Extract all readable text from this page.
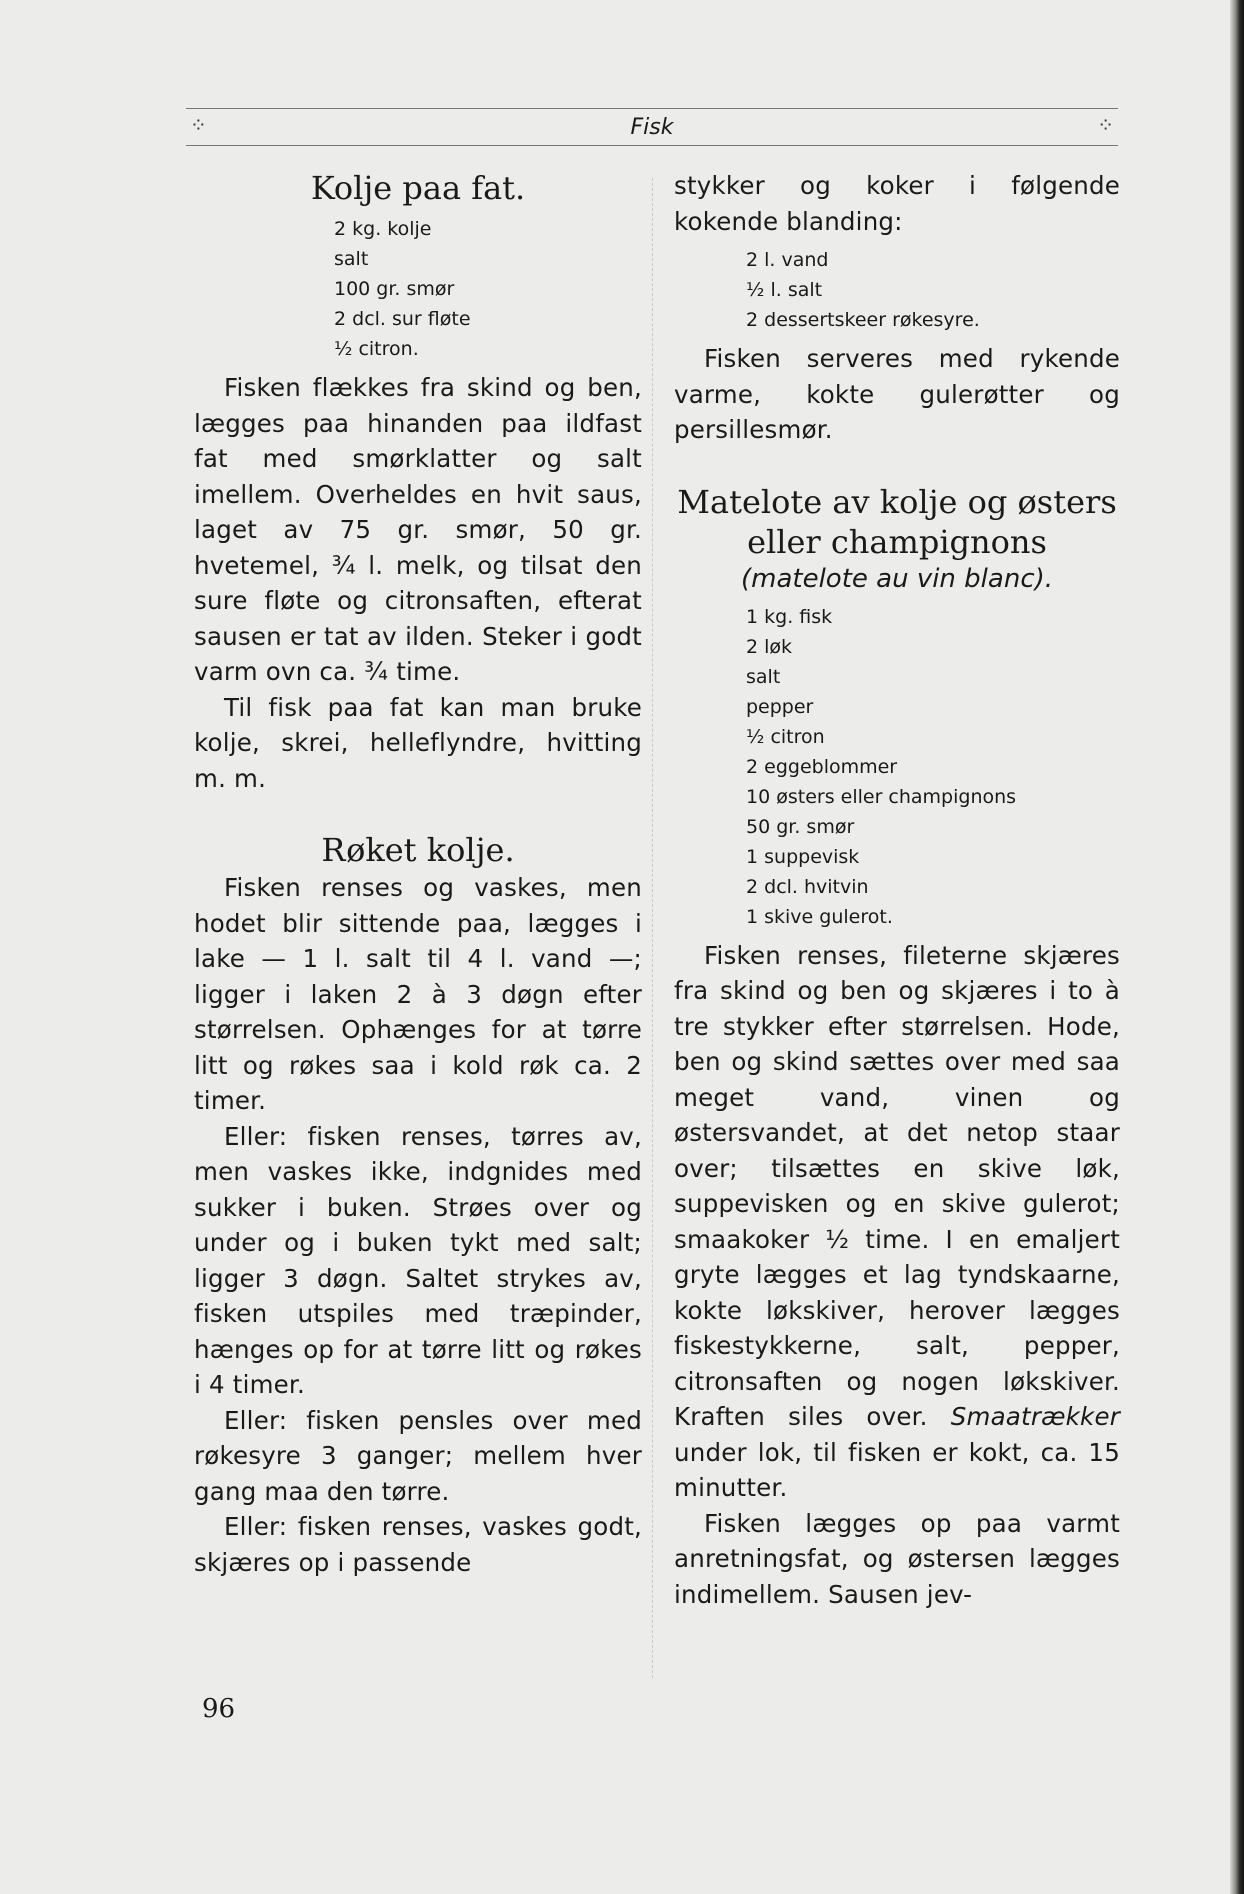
⁘	Fisk	⁘
Kolje paa fat.
2 kg. kolje
salt
100 gr. smør
2 dcl. sur fløte
½ citron.

Fisken flækkes fra skind og ben, lægges paa hinanden paa ildfast fat med smørklatter og salt imellem. Overheldes en hvit saus, laget av 75 gr. smør, 50 gr. hvetemel, ¾ l. melk, og tilsat den sure fløte og citronsaften, efterat sausen er tat av ilden. Steker i godt varm ovn ca. ¾ time.

Til fisk paa fat kan man bruke kolje, skrei, helleflyndre, hvitting m. m.

Røket kolje.

Fisken renses og vaskes, men hodet blir sittende paa, lægges i lake — 1 l. salt til 4 l. vand —; ligger i laken 2 à 3 døgn efter størrelsen. Ophænges for at tørre litt og røkes saa i kold røk ca. 2 timer.

Eller: fisken renses, tørres av, men vaskes ikke, indgnides med sukker i buken. Strøes over og under og i buken tykt med salt; ligger 3 døgn. Saltet strykes av, fisken utspiles med træpinder, hænges op for at tørre litt og røkes i 4 timer.

Eller: fisken pensles over med røkesyre 3 ganger; mellem hver gang maa den tørre.

Eller: fisken renses, vaskes godt, skjæres op i passende

stykker og koker i følgende kokende blanding:

2 l. vand
½ l. salt
2 dessertskeer røkesyre.

Fisken serveres med rykende varme, kokte gulerøtter og persillesmør.

Matelote av kolje og østers eller champignons
(matelote au vin blanc).
1 kg. fisk
2 løk
salt
pepper
½ citron
2 eggeblommer
10 østers eller champignons
50 gr. smør
1 suppevisk
2 dcl. hvitvin
1 skive gulerot.

Fisken renses, fileterne skjæres fra skind og ben og skjæres i to à tre stykker efter størrelsen. Hode, ben og skind sættes over med saa meget vand, vinen og østersvandet, at det netop staar over; tilsættes en skive løk, suppevisken og en skive gulerot; smaakoker ½ time. I en emaljert gryte lægges et lag tyndskaarne, kokte løkskiver, herover lægges fiskestykkerne, salt, pepper, citronsaften og nogen løkskiver. Kraften siles over. Smaatrækker under lok, til fisken er kokt, ca. 15 minutter.

Fisken lægges op paa varmt anretningsfat, og østersen lægges indimellem. Sausen jev-

96
